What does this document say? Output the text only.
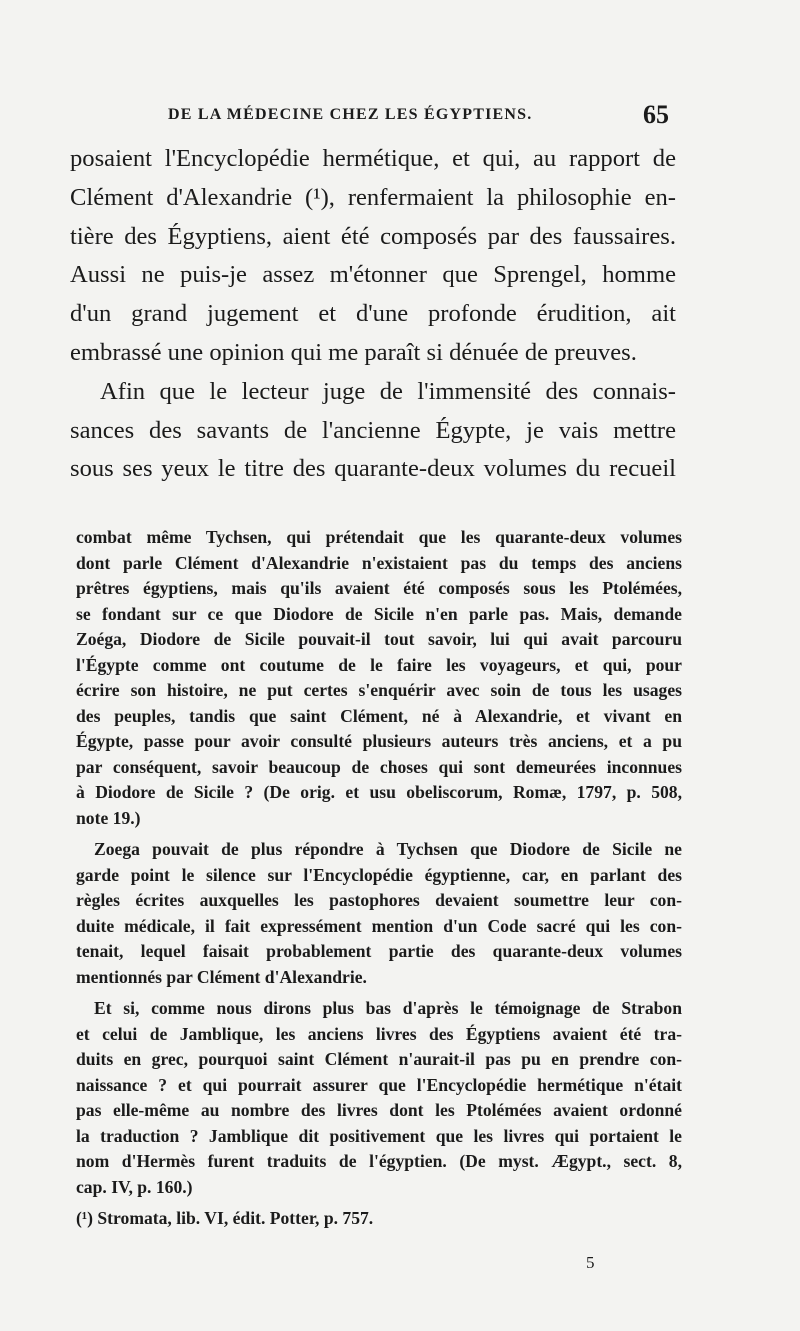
DE LA MÉDECINE CHEZ LES ÉGYPTIENS.	65
posaient l'Encyclopédie hermétique, et qui, au rapport de
Clément d'Alexandrie (¹), renfermaient la philosophie en-
tière des Égyptiens, aient été composés par des faussaires.
Aussi ne puis-je assez m'étonner que Sprengel, homme
d'un grand jugement et d'une profonde érudition, ait
embrassé une opinion qui me paraît si dénuée de preuves.
Afin que le lecteur juge de l'immensité des connais-
sances des savants de l'ancienne Égypte, je vais mettre
sous ses yeux le titre des quarante-deux volumes du recueil
combat même Tychsen, qui prétendait que les quarante-deux volumes
dont parle Clément d'Alexandrie n'existaient pas du temps des anciens
prêtres égyptiens, mais qu'ils avaient été composés sous les Ptolémées,
se fondant sur ce que Diodore de Sicile n'en parle pas. Mais, demande
Zoéga, Diodore de Sicile pouvait-il tout savoir, lui qui avait parcouru
l'Égypte comme ont coutume de le faire les voyageurs, et qui, pour
écrire son histoire, ne put certes s'enquérir avec soin de tous les usages
des peuples, tandis que saint Clément, né à Alexandrie, et vivant en
Égypte, passe pour avoir consulté plusieurs auteurs très anciens, et a pu
par conséquent, savoir beaucoup de choses qui sont demeurées inconnues
à Diodore de Sicile ? (De orig. et usu obeliscorum, Romæ, 1797, p. 508,
note 19.)
Zoega pouvait de plus répondre à Tychsen que Diodore de Sicile ne
garde point le silence sur l'Encyclopédie égyptienne, car, en parlant des
règles écrites auxquelles les pastophores devaient soumettre leur con-
duite médicale, il fait expressément mention d'un Code sacré qui les con-
tenait, lequel faisait probablement partie des quarante-deux volumes
mentionnés par Clément d'Alexandrie.
Et si, comme nous dirons plus bas d'après le témoignage de Strabon
et celui de Jamblique, les anciens livres des Égyptiens avaient été tra-
duits en grec, pourquoi saint Clément n'aurait-il pas pu en prendre con-
naissance ? et qui pourrait assurer que l'Encyclopédie hermétique n'était
pas elle-même au nombre des livres dont les Ptolémées avaient ordonné
la traduction ? Jamblique dit positivement que les livres qui portaient le
nom d'Hermès furent traduits de l'égyptien. (De myst. Ægypt., sect. 8,
cap. IV, p. 160.)
(¹) Stromata, lib. VI, édit. Potter, p. 757.
5
